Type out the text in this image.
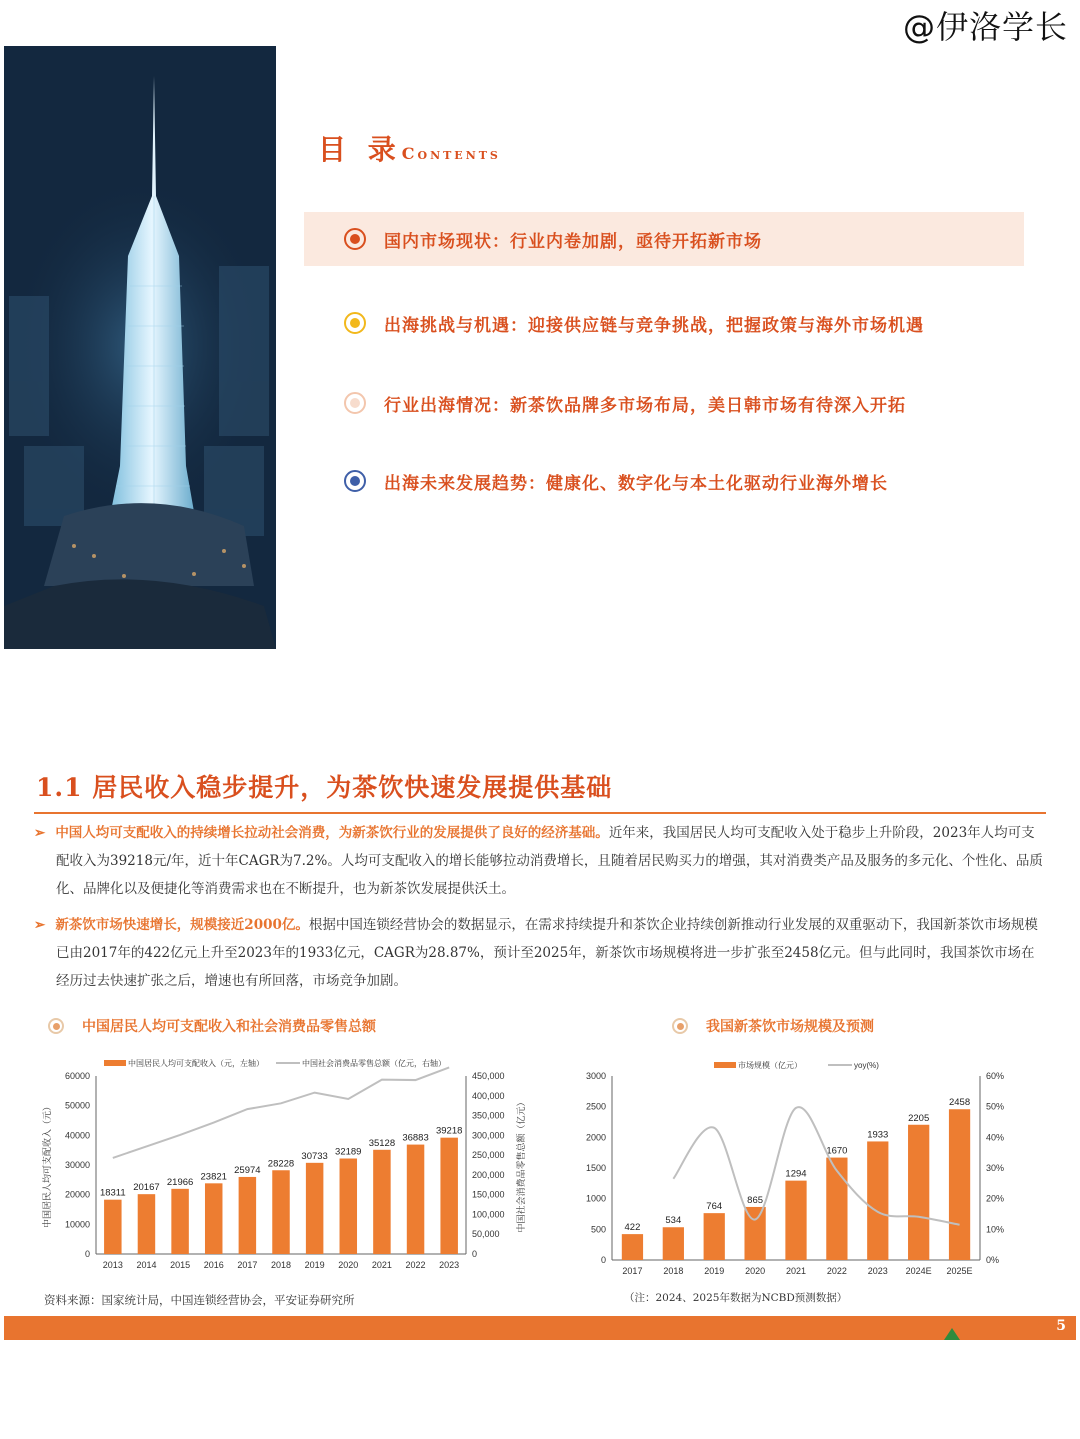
@伊洛学长
目 录Contents
国内市场现状：行业内卷加剧，亟待开拓新市场
出海挑战与机遇：迎接供应链与竞争挑战，把握政策与海外市场机遇
行业出海情况：新茶饮品牌多市场布局，美日韩市场有待深入开拓
出海未来发展趋势：健康化、数字化与本土化驱动行业海外增长
1.1 居民收入稳步提升，为茶饮快速发展提供基础
➢ 中国人均可支配收入的持续增长拉动社会消费，为新茶饮行业的发展提供了良好的经济基础。近年来，我国居民人均可支配收入处于稳步上升阶段，2023年人均可支配收入为39218元/年，近十年CAGR为7.2%。人均可支配收入的增长能够拉动消费增长，且随着居民购买力的增强，其对消费类产品及服务的多元化、个性化、品质化、品牌化以及便捷化等消费需求也在不断提升，也为新茶饮发展提供沃土。
➢ 新茶饮市场快速增长，规模接近2000亿。根据中国连锁经营协会的数据显示，在需求持续提升和茶饮企业持续创新推动行业发展的双重驱动下，我国新茶饮市场规模已由2017年的422亿元上升至2023年的1933亿元，CAGR为28.87%，预计至2025年，新茶饮市场规模将进一步扩张至2458亿元。但与此同时，我国茶饮市场在经历过去快速扩张之后，增速也有所回落，市场竞争加剧。
中国居民人均可支配收入和社会消费品零售总额	我国新茶饮市场规模及预测
0
10000
20000
30000
40000
50000
60000
0
50,000
100,000
150,000
200,000
250,000
300,000
350,000
400,000
450,000
18311
2013
20167
2014
21966
2015
23821
2016
25974
2017
28228
2018
30733
2019
32189
2020
35128
2021
36883
2022
39218
2023
中国居民人均可支配收入（元，左轴）	中国社会消费品零售总额（亿元，右轴）
中国居民人均可支配收入（元）	中国社会消费品零售总额（亿元）
0
500
1000
1500
2000
2500
3000
0%
10%
20%
30%
40%
50%
60%
422
2017
534
2018
764
2019
865
2020
1294
2021
1670
2022
1933
2023
2205
2024E
2458
2025E
市场规模（亿元）	yoy(%)
资料来源：国家统计局，中国连锁经营协会，平安证券研究所	（注：2024、2025年数据为NCBD预测数据）
5
